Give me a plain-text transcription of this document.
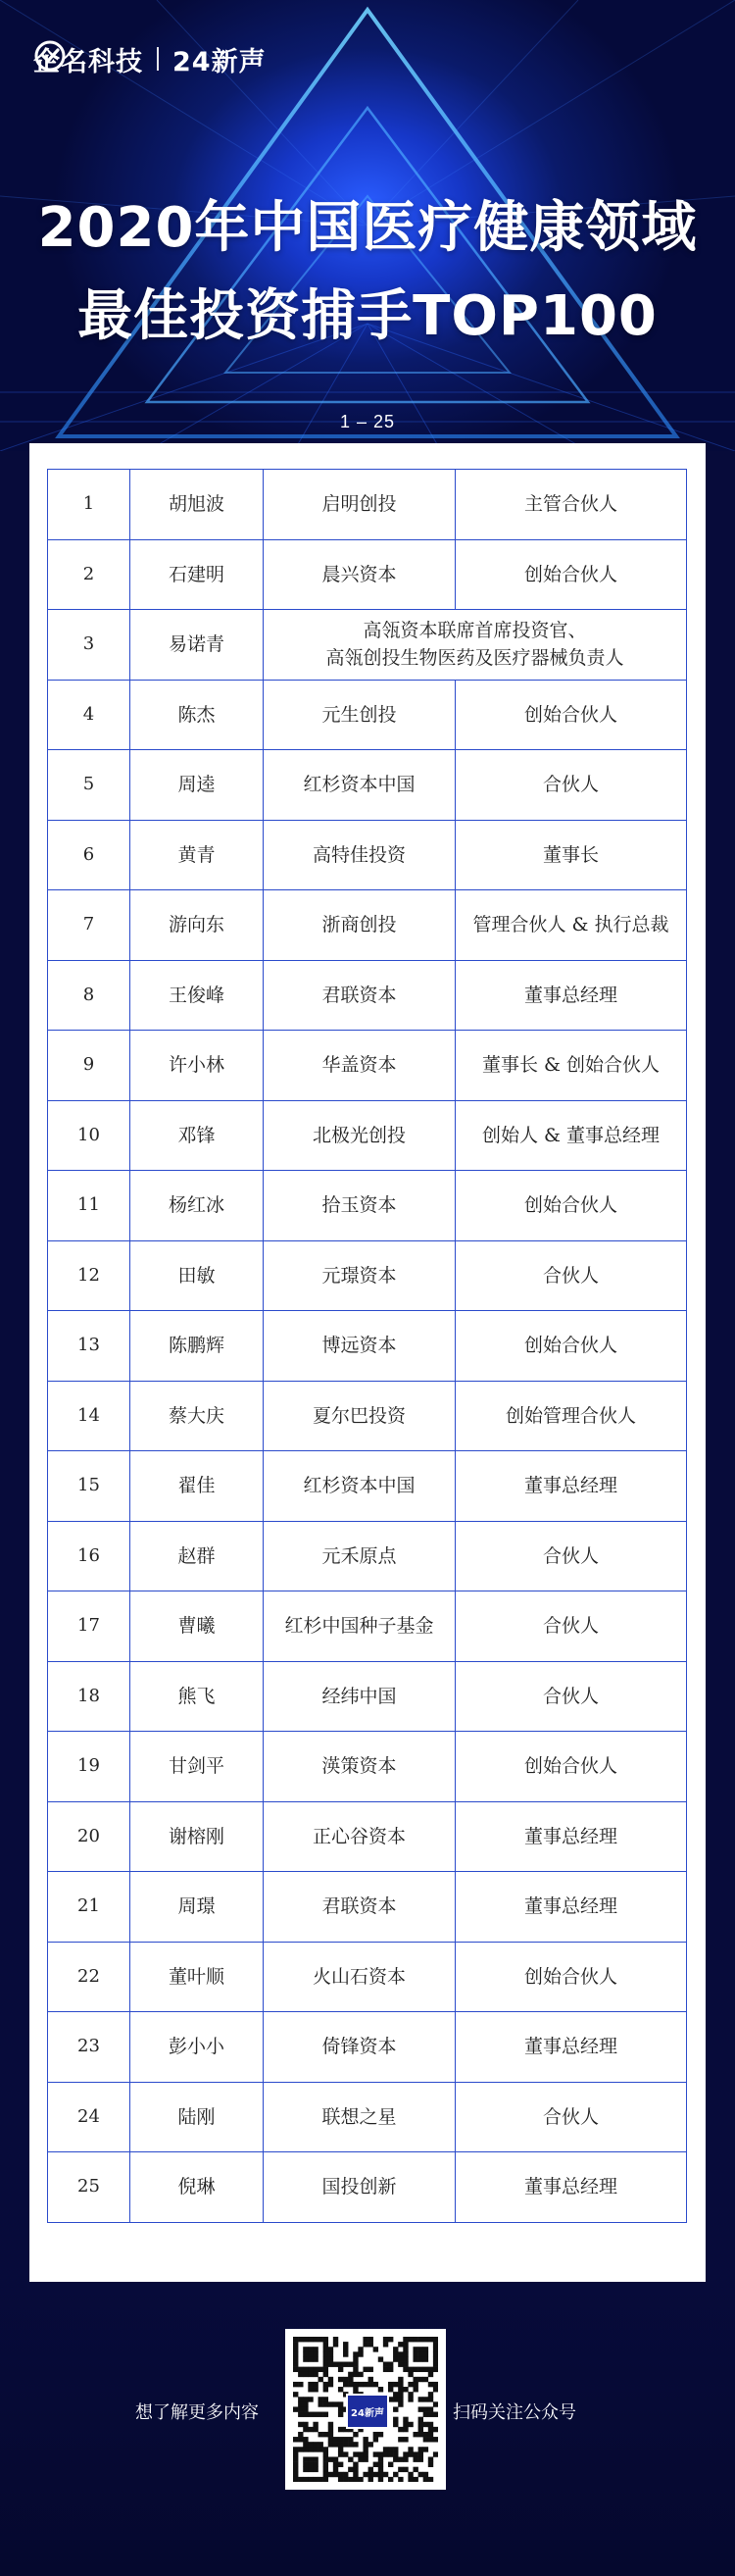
企名科技 24新声
2020年中国医疗健康领域
最佳投资捕手TOP100
1 – 25
1	胡旭波	启明创投	主管合伙人
2	石建明	晨兴资本	创始合伙人
3	易诺青	高瓴资本联席首席投资官、
高瓴创投生物医药及医疗器械负责人	

4	陈杰	元生创投	创始合伙人
5	周逵	红杉资本中国	合伙人
6	黄青	高特佳投资	董事长
7	游向东	浙商创投	管理合伙人 & 执行总裁
8	王俊峰	君联资本	董事总经理
9	许小林	华盖资本	董事长 & 创始合伙人
10	邓锋	北极光创投	创始人 & 董事总经理
11	杨红冰	拾玉资本	创始合伙人
12	田敏	元璟资本	合伙人
13	陈鹏辉	博远资本	创始合伙人
14	蔡大庆	夏尔巴投资	创始管理合伙人
15	翟佳	红杉资本中国	董事总经理
16	赵群	元禾原点	合伙人
17	曹曦	红杉中国种子基金	合伙人
18	熊飞	经纬中国	合伙人
19	甘剑平	渶策资本	创始合伙人
20	谢榕刚	正心谷资本	董事总经理
21	周璟	君联资本	董事总经理
22	董叶顺	火山石资本	创始合伙人
23	彭小小	倚锋资本	董事总经理
24	陆刚	联想之星	合伙人
25	倪琳	国投创新	董事总经理
想了解更多内容	24新声	扫码关注公众号
